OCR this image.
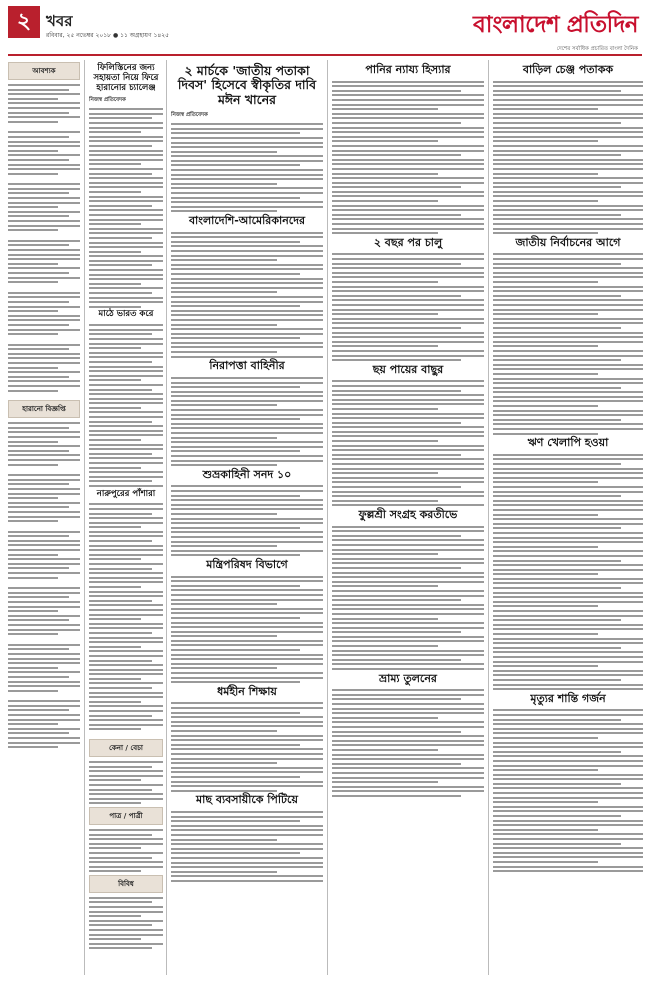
২ খবর
রবিবার, ২৫ নভেম্বর ২০১৮ ● ১১ অগ্রহায়ণ ১৪২৫	বাংলাদেশ প্রতিদিন
দেশের সর্বাধিক প্রচারিত বাংলা দৈনিক
আবশ্যক
হারানো বিজ্ঞপ্তি
ফিলিস্তিনের জন্য সহায়তা নিয়ে ফিরে হারানোর চ্যালেঞ্জ
নিজস্ব প্রতিবেদক
মাঠে ভারত করে
নারুপুরের পাঁশারা
কেনা / বেচা
পাত্র / পাত্রী
বিবিধ
২ মার্চকে 'জাতীয় পতাকা দিবস' হিসেবে স্বীকৃতির দাবি মঈন খানের
নিজস্ব প্রতিবেদক
বাংলাদেশি-আমেরিকানদের
নিরাপত্তা বাহিনীর
শুভ্রকাহিনী সনদ ১০
মন্ত্রিপরিষদ বিভাগে
ধর্মহীন শিক্ষায়
মাছ ব্যবসায়ীকে পিটিয়ে
পানির ন্যায্য হিস্যার
২ বছর পর চালু
ছয় পায়ের বাছুর
ফুল্লশ্রী সংগ্রহ করতীভে
ভ্রাম্য তুলনের
বাড়িল চেঞ্জ পতাকক
জাতীয় নির্বাচনের আগে
ঋণ খেলাপি হওয়া
মৃত্যুর শান্তি গর্জন
